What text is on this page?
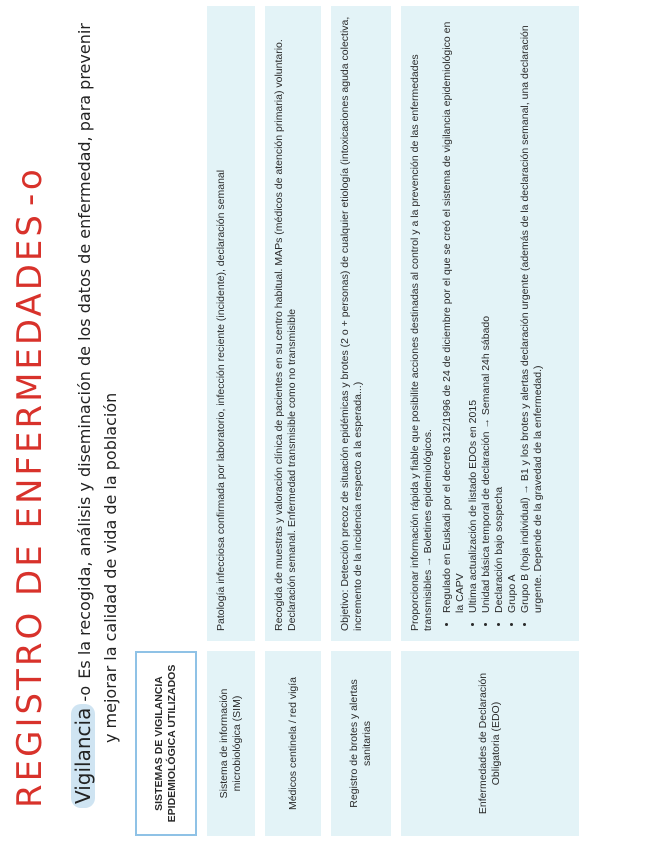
REGISTRO DE ENFERMEDADES-o
Vigilancia-o Es la recogida, análisis y diseminación de los datos de enfermedad, para prevenir y mejorar la calidad de vida de la población
SISTEMAS DE VIGILANCIA EPIDEMIOLÓGICA UTILIZADOS	Sistema de información microbiológica (SIM)
Patología infecciosa confirmada por laboratorio, infección reciente (incidente), declaración semanal
Médicos centinela / red vigía
Recogida de muestras y valoración clínica de pacientes en su centro habitual. MAPs (médicos de atención primaria) voluntario. Declaración semanal. Enfermedad transmisible como no transmisible
Registro de brotes y alertas sanitarias
Objetivo: Detección precoz de situación epidémicas y brotes (2 o + personas) de cualquier etiología (intoxicaciones aguda colectiva, incremento de la incidencia respecto a la esperada...)
Enfermedades de Declaración Obligatoria (EDO)

Proporcionar información rápida y fiable que posibilite acciones destinadas al control y a la prevención de las enfermedades transmisibles → Boletines epidemiológicos. • Regulado en Euskadi por el decreto 312/1996 de 24 de diciembre por el que se creó el sistema de vigilancia epidemiológico en la CAPV • Ultima actualización de listado EDOs en 2015 • Unidad básica temporal de declaración → Semanal 24h sábado • Declaración bajo sospecha • Grupo A • Grupo B (hoja individual) → B1 y los brotes y alertas declaración urgente (además de la declaración semanal, una declaración urgente. Depende de la gravedad de la enfermedad.)
